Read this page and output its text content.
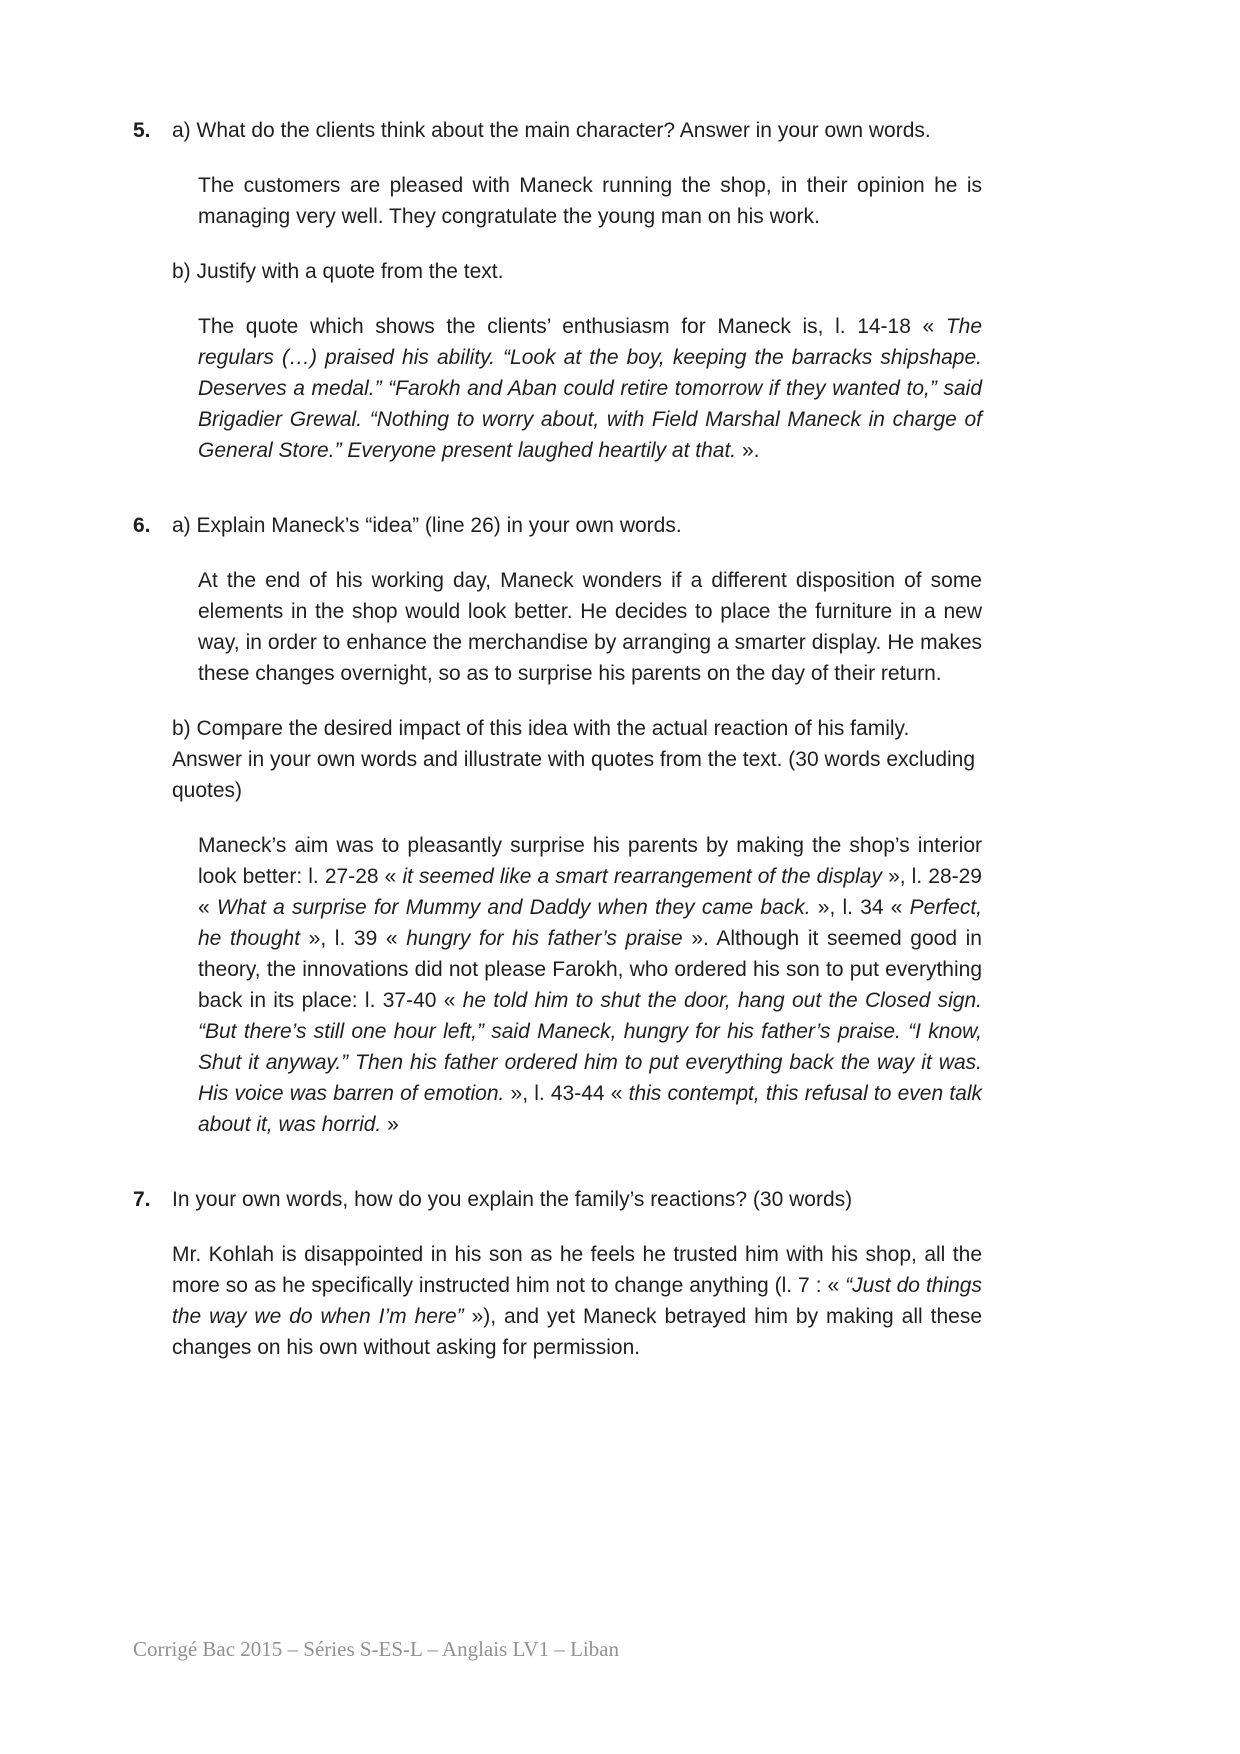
5.	a) What do the clients think about the main character? Answer in your own words.

The customers are pleased with Maneck running the shop, in their opinion he is managing very well. They congratulate the young man on his work.

b) Justify with a quote from the text.

The quote which shows the clients’ enthusiasm for Maneck is, l. 14-18 « The regulars (…) praised his ability. “Look at the boy, keeping the barracks shipshape. Deserves a medal.” “Farokh and Aban could retire tomorrow if they wanted to,” said Brigadier Grewal. “Nothing to worry about, with Field Marshal Maneck in charge of General Store.” Everyone present laughed heartily at that. ».

6.	a) Explain Maneck’s “idea” (line 26) in your own words.

At the end of his working day, Maneck wonders if a different disposition of some elements in the shop would look better. He decides to place the furniture in a new way, in order to enhance the merchandise by arranging a smarter display. He makes these changes overnight, so as to surprise his parents on the day of their return.

b) Compare the desired impact of this idea with the actual reaction of his family. Answer in your own words and illustrate with quotes from the text. (30 words excluding quotes)

Maneck’s aim was to pleasantly surprise his parents by making the shop’s interior look better: l. 27-28 « it seemed like a smart rearrangement of the display », l. 28-29 « What a surprise for Mummy and Daddy when they came back. », l. 34 « Perfect, he thought », l. 39 « hungry for his father’s praise ». Although it seemed good in theory, the innovations did not please Farokh, who ordered his son to put everything back in its place: l. 37-40 « he told him to shut the door, hang out the Closed sign. “But there’s still one hour left,” said Maneck, hungry for his father’s praise. “I know, Shut it anyway.” Then his father ordered him to put everything back the way it was. His voice was barren of emotion. », l. 43-44 « this contempt, this refusal to even talk about it, was horrid. »

7.	In your own words, how do you explain the family’s reactions? (30 words)

Mr. Kohlah is disappointed in his son as he feels he trusted him with his shop, all the more so as he specifically instructed him not to change anything (l. 7 : « “Just do things the way we do when I’m here” »), and yet Maneck betrayed him by making all these changes on his own without asking for permission.

Corrigé Bac 2015 – Séries S-ES-L – Anglais LV1 – Liban
